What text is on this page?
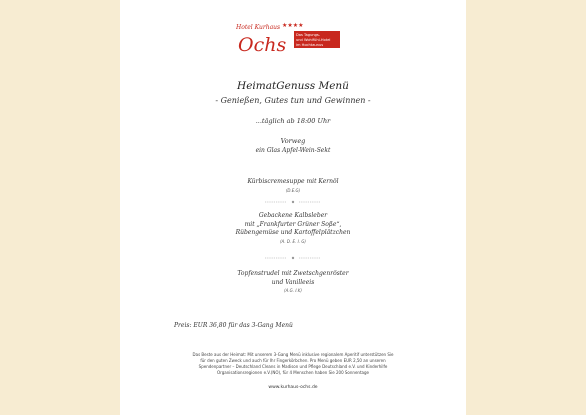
Hotel Kurhaus ★★★★
Ochs	Das Tagungs-
und Wohlfühl-Hotel
im Hochtaunus
HeimatGenuss Menü
- Genießen, Gutes tun und Gewinnen -
...täglich ab 18:00 Uhr
Vorweg
ein Glas Apfel-Wein-Sekt
Kürbiscremesuppe mit Kernöl
(D.E.G)
Gebackene Kalbsleber
mit „Frankfurter Grüner Soße“,
Rübengemüse und Kartoffelplätzchen
(A. D. E. I. G)
Topfenstrudel mit Zwetschgenröster
und Vanilleeis
(A.G. I.K)
Preis: EUR 36,80 für das 3-Gang Menü
Das Beste aus der Heimat: Mit unserem 3-Gang Menü inklusive regionalem Aperitif unterstützen Sie
für den guten Zweck und auch für Ihr Fingerkörbchen. Pro Menü geben EUR 2,50 an unseren
Spendenpartner – Deutschland Cleans in Madison und Pflege Deutschland e.V. und Kinderhilfe
Organisationsregionen e.V.(NO), für 4 Menschen haben Sie 200 Sonnentage
www.kurhaus-ochs.de
